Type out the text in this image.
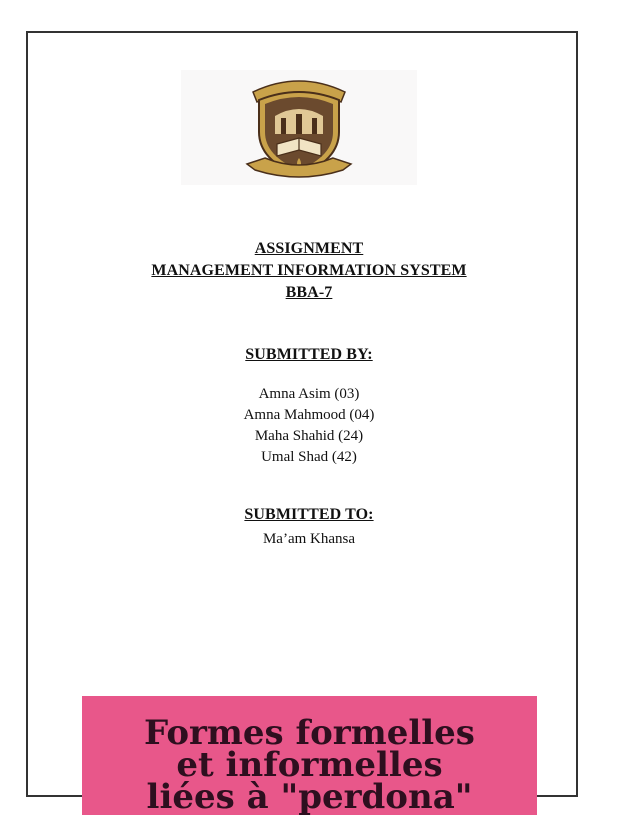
ASSIGNMENT
MANAGEMENT INFORMATION SYSTEM
BBA-7
SUBMITTED BY:
Amna Asim (03)
Amna Mahmood (04)
Maha Shahid (24)
Umal Shad (42)
SUBMITTED TO:
Ma’am Khansa
Formes formelles
et informelles
liées à "perdona"
